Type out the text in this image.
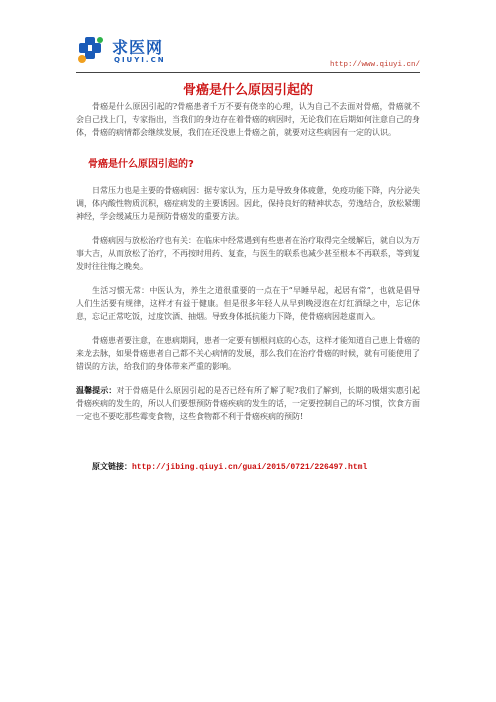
求医网
QIUYI.CN
http://www.qiuyi.cn/
骨癌是什么原因引起的

骨癌是什么原因引起的?骨癌患者千万不要有侥幸的心理，认为自己不去面对骨癌，骨癌就不会自己找上门，专家指出，当我们的身边存在着骨癌的病因时，无论我们在后期如何注意自己的身体，骨癌的病情都会继续发展，我们在还没患上骨癌之前，就要对这些病因有一定的认识。

骨癌是什么原因引起的?

日常压力也是主要的骨癌病因：据专家认为，压力是导致身体疲惫，免疫功能下降，内分泌失调，体内酸性物质沉积，癌症病发的主要诱因。因此，保持良好的精神状态，劳逸结合，放松紧绷神经，学会缓减压力是预防骨癌发的重要方法。

骨癌病因与放松治疗也有关：在临床中经常遇到有些患者在治疗取得完全缓解后，就自以为万事大吉，从而放松了治疗，不再按时用药、复查，与医生的联系也减少甚至根本不再联系，等到复发时往往悔之晚矣。

生活习惯无常：中医认为，养生之道很重要的一点在于“早睡早起，起居有常”，也就是倡导人们生活要有规律，这样才有益于健康。但是很多年轻人从早到晚浸泡在灯红酒绿之中，忘记休息，忘记正常吃饭，过度饮酒、抽烟。导致身体抵抗能力下降，使骨癌病因趁虚而入。

骨癌患者要注意，在患病期间，患者一定要有刨根问底的心态，这样才能知道自己患上骨癌的来龙去脉，如果骨癌患者自己都不关心病情的发展，那么我们在治疗骨癌的时候，就有可能使用了错误的方法，给我们的身体带来严重的影响。

温馨提示：对于骨癌是什么原因引起的是否已经有所了解了呢?我们了解到，长期的吸烟实惠引起骨癌疾病的发生的，所以人们要想预防骨癌疾病的发生的话，一定要控制自己的坏习惯，饮食方面一定也不要吃那些霉变食物，这些食物都不利于骨癌疾病的预防!

原文链接：http://jibing.qiuyi.cn/guai/2015/0721/226497.html
